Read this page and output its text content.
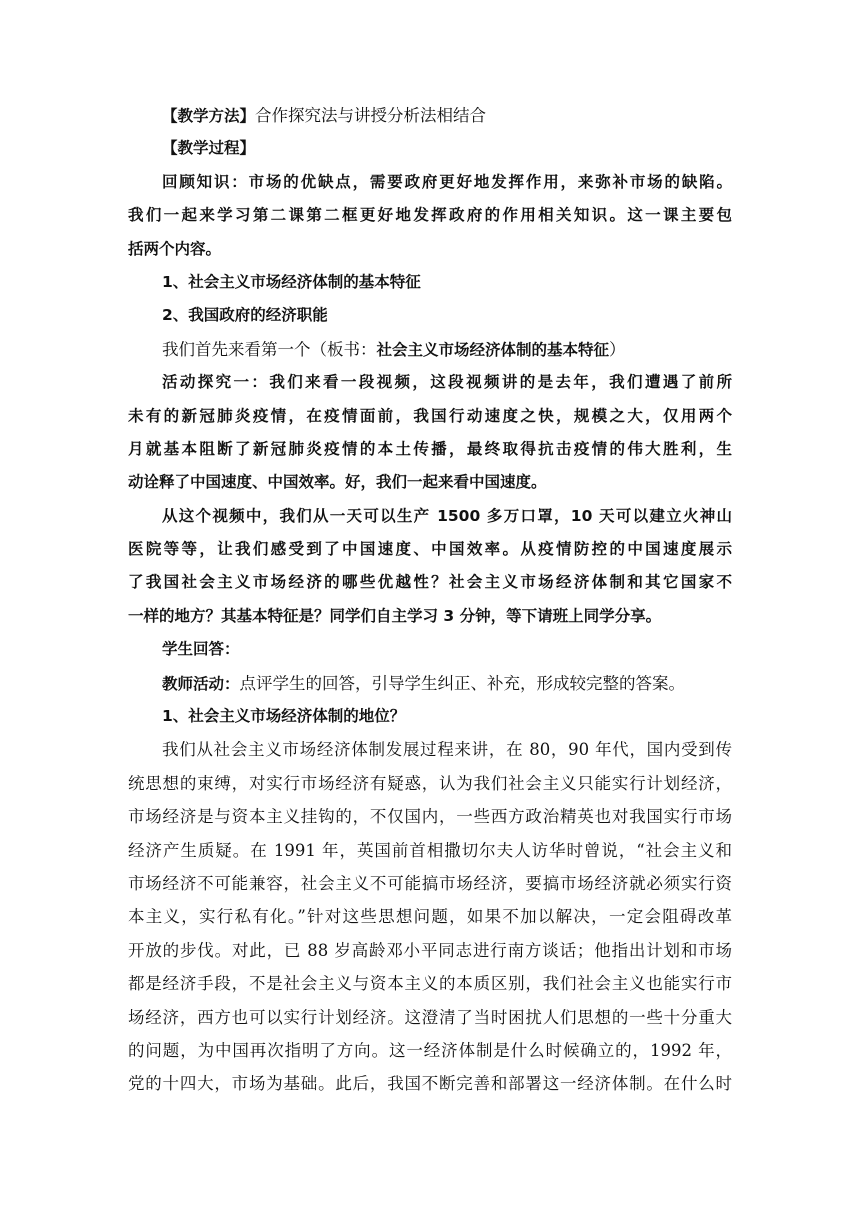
【教学方法】合作探究法与讲授分析法相结合
【教学过程】
回顾知识：市场的优缺点，需要政府更好地发挥作用，来弥补市场的缺陷。
我们一起来学习第二课第二框更好地发挥政府的作用相关知识。这一课主要包
括两个内容。
1、社会主义市场经济体制的基本特征
2、我国政府的经济职能
我们首先来看第一个（板书：社会主义市场经济体制的基本特征）
活动探究一：我们来看一段视频，这段视频讲的是去年，我们遭遇了前所
未有的新冠肺炎疫情，在疫情面前，我国行动速度之快，规模之大，仅用两个
月就基本阻断了新冠肺炎疫情的本土传播，最终取得抗击疫情的伟大胜利，生
动诠释了中国速度、中国效率。好，我们一起来看中国速度。
从这个视频中，我们从一天可以生产 1500 多万口罩，10 天可以建立火神山
医院等等，让我们感受到了中国速度、中国效率。从疫情防控的中国速度展示
了我国社会主义市场经济的哪些优越性？社会主义市场经济体制和其它国家不
一样的地方？其基本特征是？同学们自主学习 3 分钟，等下请班上同学分享。
学生回答：
教师活动：点评学生的回答，引导学生纠正、补充，形成较完整的答案。
1、社会主义市场经济体制的地位？
我们从社会主义市场经济体制发展过程来讲，在 80，90 年代，国内受到传
统思想的束缚，对实行市场经济有疑惑，认为我们社会主义只能实行计划经济，
市场经济是与资本主义挂钩的，不仅国内，一些西方政治精英也对我国实行市场
经济产生质疑。在 1991 年，英国前首相撒切尔夫人访华时曾说，“社会主义和
市场经济不可能兼容，社会主义不可能搞市场经济，要搞市场经济就必须实行资
本主义，实行私有化。”针对这些思想问题，如果不加以解决，一定会阻碍改革
开放的步伐。对此，已 88 岁高龄邓小平同志进行南方谈话；他指出计划和市场
都是经济手段，不是社会主义与资本主义的本质区别，我们社会主义也能实行市
场经济，西方也可以实行计划经济。这澄清了当时困扰人们思想的一些十分重大
的问题，为中国再次指明了方向。这一经济体制是什么时候确立的，1992 年，
党的十四大，市场为基础。此后，我国不断完善和部署这一经济体制。在什么时
